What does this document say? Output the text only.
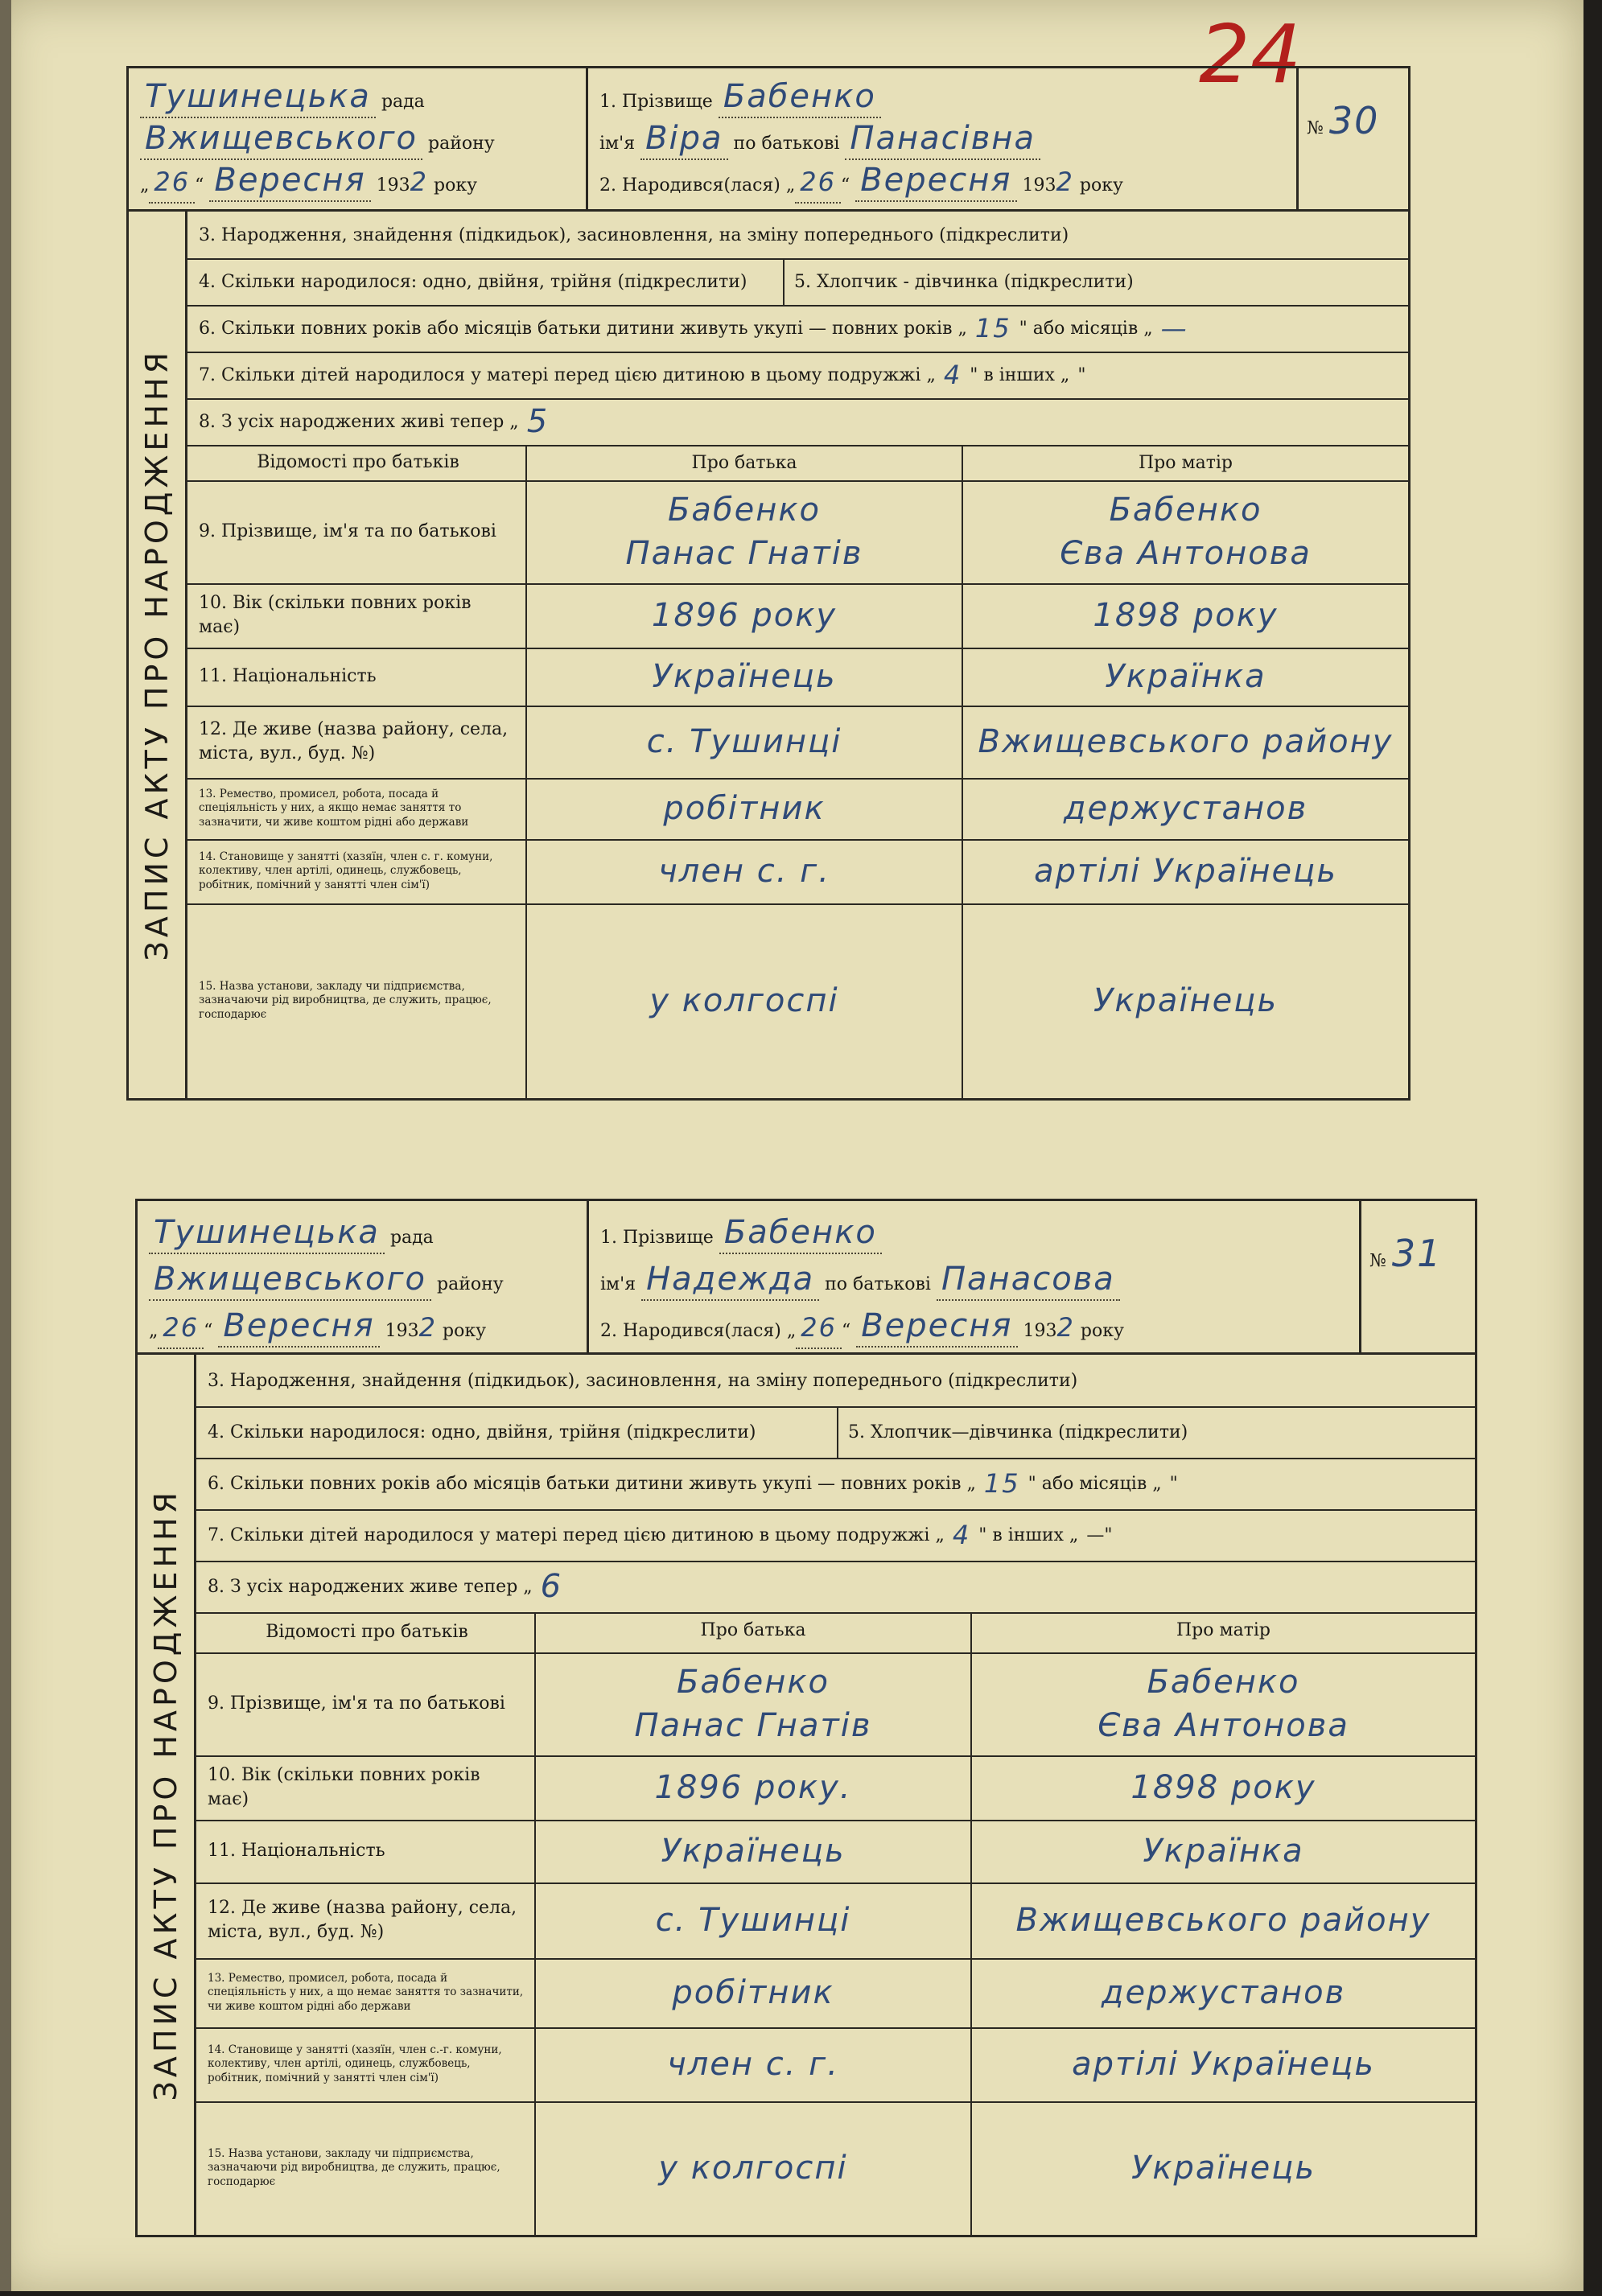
24
Тушинецька рада
Вжищевського району
„ 26 “ Вересня 1932 року
1. Прізвище Бабенко
ім'я Віра по батькові Панасівна
2. Народився(лася) „ 26 “ Вересня 1932 року
№ 30
ЗАПИС АКТУ ПРО НАРОДЖЕННЯ
3. Народження, знайдення (підкидьок), засиновлення, на зміну попереднього (підкреслити)
4. Скільки народилося: одно, двійня, трійня (підкреслити)	5. Хлопчик - дівчинка (підкреслити)
6. Скільки повних років або місяців батьки дитини живуть укупі — повних років „ 15 " або місяців „ —
7. Скільки дітей народилося у матері перед цією дитиною в цьому подружжі „ 4 " в інших „ "
8. З усіх народжених живі тепер „ 5
Відомості про батьків
9. Прізвище, ім'я та по батькові
10. Вік (скільки повних років має)
11. Національність
12. Де живе (назва району, села, міста, вул., буд. №)
13. Ремество, промисел, робота, посада й спеціяльність у них, а якщо немає заняття то зазначити, чи живе коштом рідні або держави
14. Становище у занятті (хазяїн, член с. г. комуни, колективу, член артілі, одинець, службовець, робітник, помічний у занятті член сім'ї)
15. Назва установи, закладу чи підприємства, зазначаючи рід виробництва, де служить, працює, господарює
Про батька
Бабенко
Панас Гнатів
1896 року
Українець
с. Тушинці
робітник
член с. г.
у колгоспі
Про матір
Бабенко
Єва Антонова
1898 року
Українка
Вжищевського району
держустанов
артілі Українець
Українець
Тушинецька рада
Вжищевського району
„ 26 “ Вересня 1932 року
1. Прізвище Бабенко
ім'я Надежда по батькові Панасова
2. Народився(лася) „ 26 “ Вересня 1932 року
№ 31
ЗАПИС АКТУ ПРО НАРОДЖЕННЯ
3. Народження, знайдення (підкидьок), засиновлення, на зміну попереднього (підкреслити)
4. Скільки народилося: одно, двійня, трійня (підкреслити)	5. Хлопчик—дівчинка (підкреслити)
6. Скільки повних років або місяців батьки дитини живуть укупі — повних років „ 15 " або місяців „ "
7. Скільки дітей народилося у матері перед цією дитиною в цьому подружжі „ 4 " в інших „ —"
8. З усіх народжених живе тепер „ 6
Відомості про батьків
9. Прізвище, ім'я та по батькові
10. Вік (скільки повних років має)
11. Національність
12. Де живе (назва району, села, міста, вул., буд. №)
13. Ремество, промисел, робота, посада й спеціяльність у них, а що немає заняття то зазначити, чи живе коштом рідні або держави
14. Становище у занятті (хазяїн, член с.-г. комуни, колективу, член артілі, одинець, службовець, робітник, помічний у занятті член сім'ї)
15. Назва установи, закладу чи підприємства, зазначаючи рід виробництва, де служить, працює, господарює
Про батька
Бабенко
Панас Гнатів
1896 року.
Українець
с. Тушинці
робітник
член с. г.
у колгоспі
Про матір
Бабенко
Єва Антонова
1898 року
Українка
Вжищевського району
держустанов
артілі Українець
Українець
